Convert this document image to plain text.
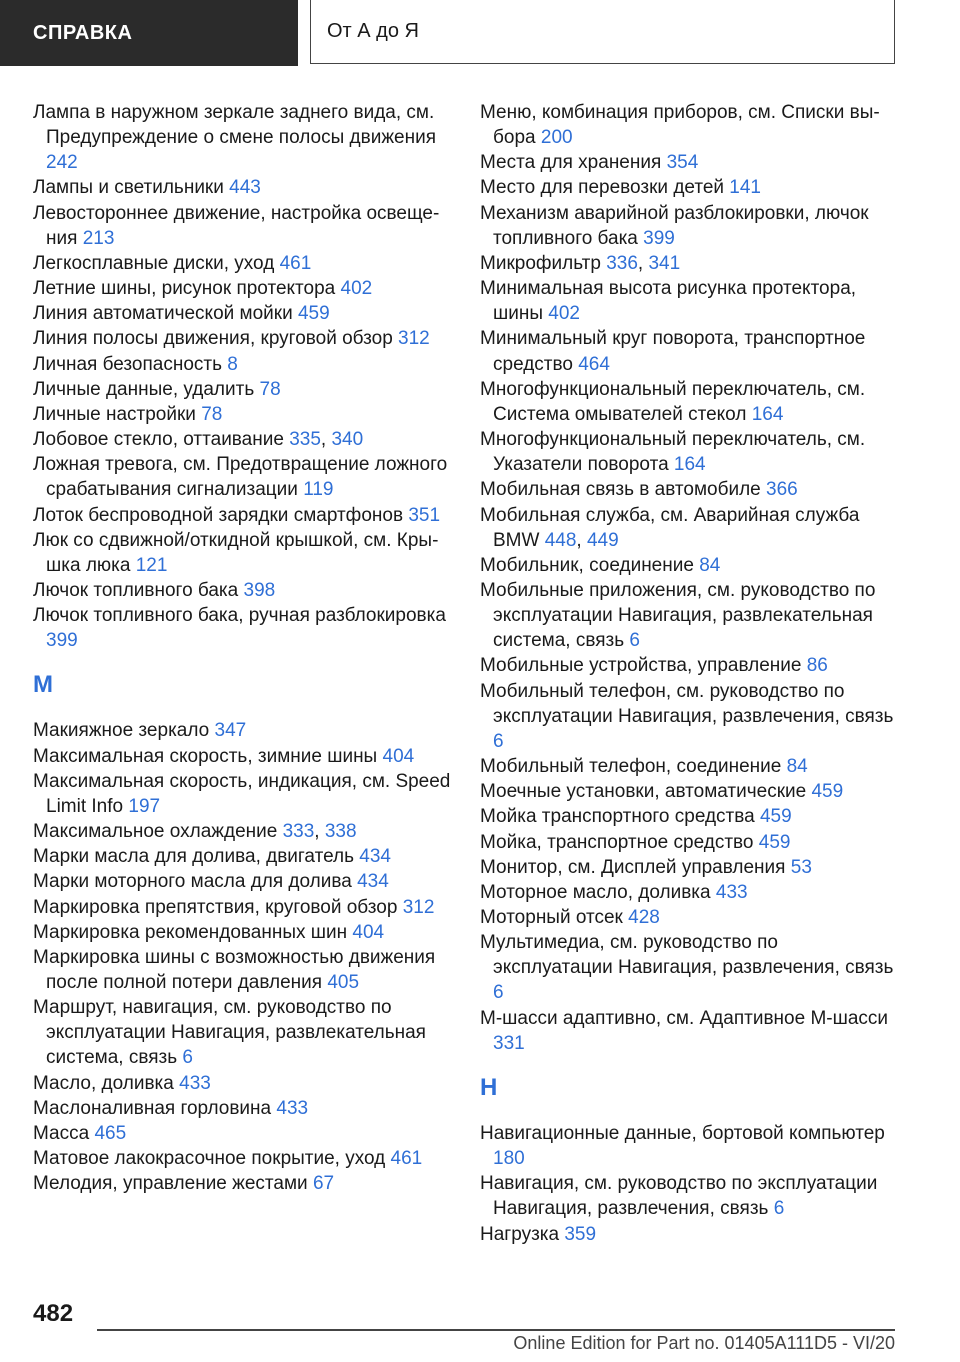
СПРАВКА	От А до Я
Лампа в наружном зеркале заднего вида, см. Предупреждение о смене полосы движения 242
Лампы и светильники 443
Левостороннее движение, настройка освещения 213
Легкосплавные диски, уход 461
Летние шины, рисунок протектора 402
Линия автоматической мойки 459
Линия полосы движения, круговой обзор 312
Личная безопасность 8
Личные данные, удалить 78
Личные настройки 78
Лобовое стекло, оттаивание 335, 340
Ложная тревога, см. Предотвращение ложного срабатывания сигнализации 119
Лоток беспроводной зарядки смартфонов 351
Люк со сдвижной/откидной крышкой, см. Крышка люка 121
Лючок топливного бака 398
Лючок топливного бака, ручная разблокировка 399
М
Макияжное зеркало 347
Максимальная скорость, зимние шины 404
Максимальная скорость, индикация, см. Speed Limit Info 197
Максимальное охлаждение 333, 338
Марки масла для долива, двигатель 434
Марки моторного масла для долива 434
Маркировка препятствия, круговой обзор 312
Маркировка рекомендованных шин 404
Маркировка шины с возможностью движения после полной потери давления 405
Маршрут, навигация, см. руководство по эксплуатации Навигация, развлекательная система, связь 6
Масло, доливка 433
Маслоналивная горловина 433
Масса 465
Матовое лакокрасочное покрытие, уход 461
Мелодия, управление жестами 67
Меню, комбинация приборов, см. Списки выбора 200
Места для хранения 354
Место для перевозки детей 141
Механизм аварийной разблокировки, лючок топливного бака 399
Микрофильтр 336, 341
Минимальная высота рисунка протектора, шины 402
Минимальный круг поворота, транспортное средство 464
Многофункциональный переключатель, см. Система омывателей стекол 164
Многофункциональный переключатель, см. Указатели поворота 164
Мобильная связь в автомобиле 366
Мобильная служба, см. Аварийная служба BMW 448, 449
Мобильник, соединение 84
Мобильные приложения, см. руководство по эксплуатации Навигация, развлекательная система, связь 6
Мобильные устройства, управление 86
Мобильный телефон, см. руководство по эксплуатации Навигация, развлечения, связь 6
Мобильный телефон, соединение 84
Моечные установки, автоматические 459
Мойка транспортного средства 459
Мойка, транспортное средство 459
Монитор, см. Дисплей управления 53
Моторное масло, доливка 433
Моторный отсек 428
Мультимедиа, см. руководство по эксплуатации Навигация, развлечения, связь 6
М-шасси адаптивно, см. Адаптивное М-шасси 331
Н
Навигационные данные, бортовой компьютер 180
Навигация, см. руководство по эксплуатации Навигация, развлечения, связь 6
Нагрузка 359
482
Online Edition for Part no. 01405A111D5 - VI/20
